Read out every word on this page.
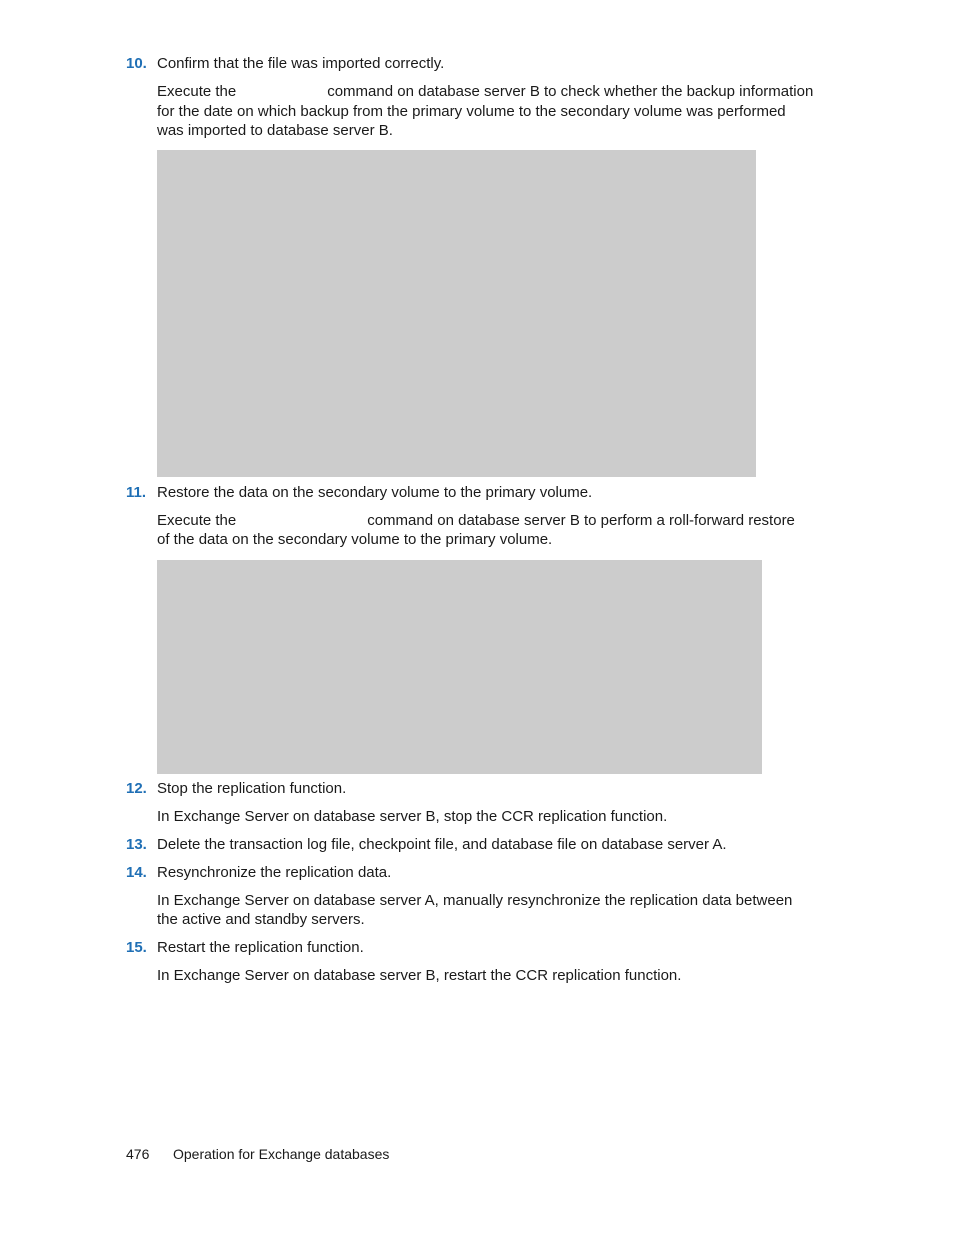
10. Confirm that the file was imported correctly.
Execute the	command on database server B to check whether the backup information
for the date on which backup from the primary volume to the secondary volume was performed
was imported to database server B.
11. Restore the data on the secondary volume to the primary volume.
Execute the	command on database server B to perform a roll-forward restore
of the data on the secondary volume to the primary volume.
12. Stop the replication function.
In Exchange Server on database server B, stop the CCR replication function.
13. Delete the transaction log file, checkpoint file, and database file on database server A.
14. Resynchronize the replication data.
In Exchange Server on database server A, manually resynchronize the replication data between
the active and standby servers.
15. Restart the replication function.
In Exchange Server on database server B, restart the CCR replication function.
476 Operation for Exchange databases
